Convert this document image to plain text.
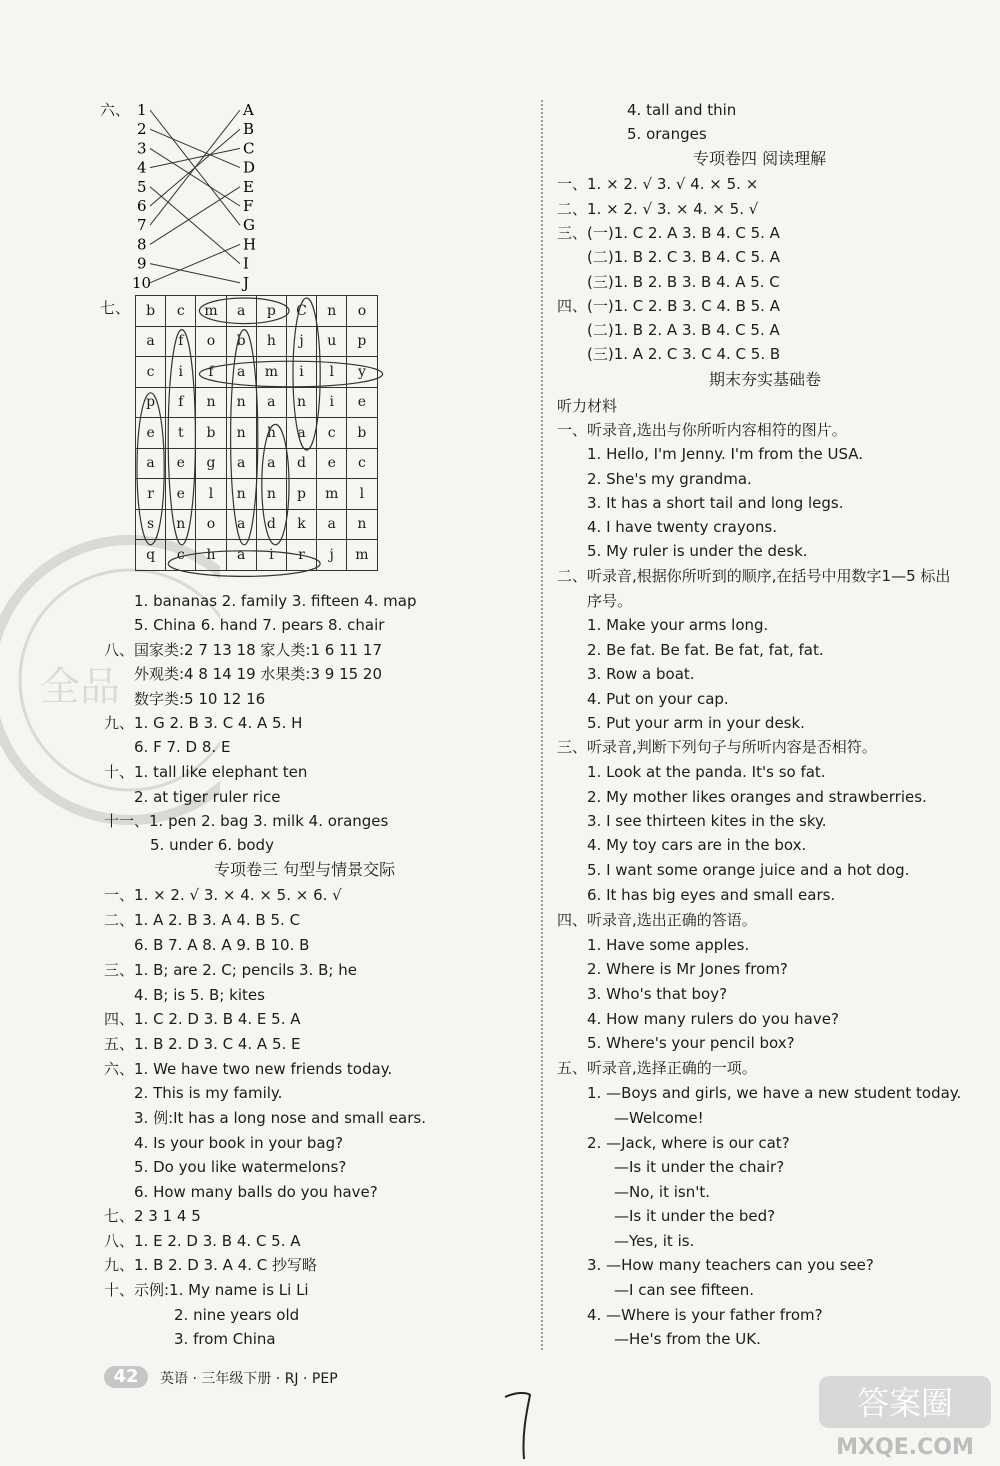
全品
六、 1
2
3
4
5
6
7
8
9
10
A
B
C
D
E
F
G
H
I
J
七、 b	c	m	a	p	C	n	o
a	f	o	b	h	j	u	p
c	i	f	a	m	i	l	y
p	f	n	n	a	n	i	e
e	t	b	n	h	a	c	b
a	e	g	a	a	d	e	c
r	e	l	n	n	p	m	l
s	n	o	a	d	k	a	n
q	c	h	a	i	r	j	m
1. bananas 2. family 3. fifteen 4. map
5. China 6. hand 7. pears 8. chair
八、国家类:2 7 13 18 家人类:1 6 11 17
外观类:4 8 14 19 水果类:3 9 15 20
数字类:5 10 12 16
九、1. G 2. B 3. C 4. A 5. H
6. F 7. D 8. E
十、1. tall like elephant ten
2. at tiger ruler rice
十一、1. pen 2. bag 3. milk 4. oranges
5. under 6. body
专项卷三 句型与情景交际
一、1. × 2. √ 3. × 4. × 5. × 6. √
二、1. A 2. B 3. A 4. B 5. C
6. B 7. A 8. A 9. B 10. B
三、1. B; are 2. C; pencils 3. B; he
4. B; is 5. B; kites
四、1. C 2. D 3. B 4. E 5. A
五、1. B 2. D 3. C 4. A 5. E
六、1. We have two new friends today.
2. This is my family.
3. 例:It has a long nose and small ears.
4. Is your book in your bag?
5. Do you like watermelons?
6. How many balls do you have?
七、2 3 1 4 5
八、1. E 2. D 3. B 4. C 5. A
九、1. B 2. D 3. A 4. C 抄写略
十、示例:1. My name is Li Li
2. nine years old
3. from China
4. tall and thin
5. oranges
专项卷四 阅读理解
一、1. × 2. √ 3. √ 4. × 5. ×
二、1. × 2. √ 3. × 4. × 5. √
三、(一)1. C 2. A 3. B 4. C 5. A
(二)1. B 2. C 3. B 4. C 5. A
(三)1. B 2. B 3. B 4. A 5. C
四、(一)1. C 2. B 3. C 4. B 5. A
(二)1. B 2. A 3. B 4. C 5. A
(三)1. A 2. C 3. C 4. C 5. B
期末夯实基础卷
听力材料
一、听录音,选出与你所听内容相符的图片。
1. Hello, I'm Jenny. I'm from the USA.
2. She's my grandma.
3. It has a short tail and long legs.
4. I have twenty crayons.
5. My ruler is under the desk.
二、听录音,根据你所听到的顺序,在括号中用数字1—5 标出
序号。
1. Make your arms long.
2. Be fat. Be fat. Be fat, fat, fat.
3. Row a boat.
4. Put on your cap.
5. Put your arm in your desk.
三、听录音,判断下列句子与所听内容是否相符。
1. Look at the panda. It's so fat.
2. My mother likes oranges and strawberries.
3. I see thirteen kites in the sky.
4. My toy cars are in the box.
5. I want some orange juice and a hot dog.
6. It has big eyes and small ears.
四、听录音,选出正确的答语。
1. Have some apples.
2. Where is Mr Jones from?
3. Who's that boy?
4. How many rulers do you have?
5. Where's your pencil box?
五、听录音,选择正确的一项。
1. —Boys and girls, we have a new student today.
—Welcome!
2. —Jack, where is our cat?
—Is it under the chair?
—No, it isn't.
—Is it under the bed?
—Yes, it is.
3. —How many teachers can you see?
—I can see fifteen.
4. —Where is your father from?
—He's from the UK.
42	英语 · 三年级下册 · RJ · PEP
答案圈
MXQE.COM
